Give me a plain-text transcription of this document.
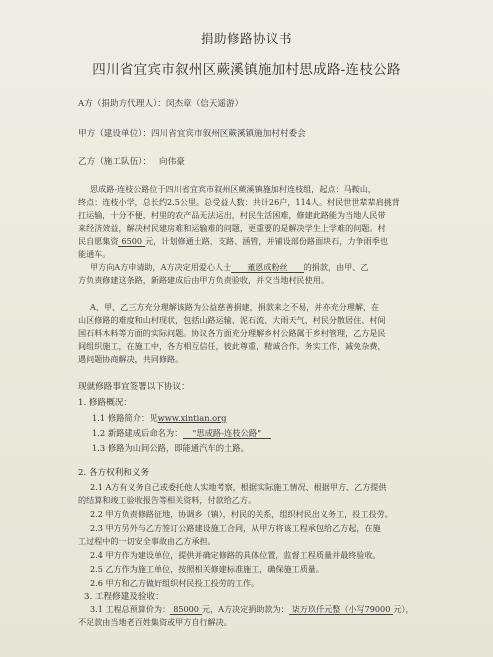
捐助修路协议书
四川省宜宾市叙州区蕨溪镇施加村思成路-连枝公路
A方（捐助方代理人）：闵杰章（信天遥游）
甲方（建设单位）：四川省宜宾市叙州区蕨溪镇施加村村委会
乙方（施工队伍）： 向伟豪
思成路-连枝公路位于四川省宜宾市叙州区蕨溪镇施加村连枝组，起点：马鞍山，
终点：连枝小学，总长约2.5公里。总受益人数：共计26户，114人。村民世世辈辈肩挑背
扛运输，十分不便，村里的农产品无法运出，村民生活困难，修建此路能为当地人民带
来经济效益，解决村民建房难和运输难的问题，更重要的是解决学生上学难的问题。村
民自愿集资 6500 元，计划修通土路、支路、涵管，并铺设部份路面块石，力争雨季也
能通车。
甲方向A方申请助，A方决定用爱心人士 董恩成粉丝 的捐款，由甲、乙
方负责修建这条路，新路建成后由甲方负责验收，并交当地村民使用。
A、甲、乙三方充分理解该路为公益慈善捐建，捐款来之不易，并亦充分理解，在
山区修路的难度和山村现状，包括山路运输、泥石流、大雨天气、村民分散居住、村间
国石料木料等方面的实际问题。协议各方面充分理解乡村公路属于乡村管理，乙方是民
间组织施工，在施工中，各方相互信任，彼此尊重，精诚合作。务实工作，减免杂费，
遇问题协商解决，共同修路。
现就修路事宜签署以下协议：
1. 修路概况：
1.1 修路简介：见www.xintian.org
1.2 新路建成后命名为： "思成路-连枝公路"
1.3 修路为山间公路，即能通汽车的土路。
2. 各方权利和义务
2.1 A方有义务自己或委托他人实地考察，根据实际施工情况、根据甲方、乙方提供
的结算和竣工验收报告等相关资料，付款给乙方。
2.2 甲方负责修路征地，协调乡（镇），村民的关系，组织村民出义务工，投工投劳。
2.3 甲方另外与乙方签订公路建设施工合同，从甲方将该工程承包给乙方起，在施
工过程中的一切安全事故由乙方承担。
2.4 甲方作为建设单位，提供并确定修路的具体位置，监督工程质量并最终验收。
2.5 乙方作为施工单位，按照相关修建标准施工，确保施工质量。
2.6 甲方和乙方做好组织村民投工投劳的工作。
3. 工程修建及验收：
3.1 工程总预算价为： 85000 元，A方决定捐助款为： 柒万玖仟元整（小写79000 元），
不足款由当地老百姓集资或甲方自行解决。
